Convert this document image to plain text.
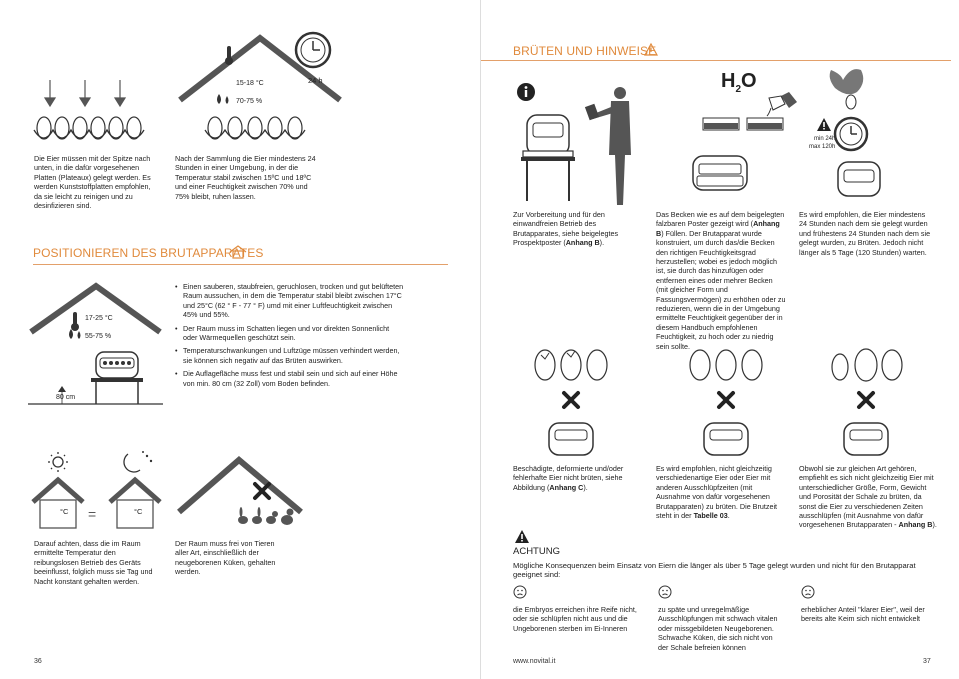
15-18 °C
70-75 %
24 h
Die Eier müssen mit der Spitze nach unten, in die dafür vorgesehenen Platten (Plateaux) gelegt werden. Es werden Kunststoffplatten empfohlen, da sie leicht zu reinigen und zu desinfizieren sind.
Nach der Sammlung die Eier mindestens 24 Stunden in einer Umgebung, in der die Temperatur stabil zwischen 15ºC und 18ºC und einer Feuchtigkeit zwischen 70% und 75% bleibt, ruhen lassen.
POSITIONIEREN DES BRUTAPPARATES
17-25 °C
55-75 %
80 cm
• Einen sauberen, staubfreien, geruchlosen, trocken und gut belüfteten Raum aussuchen, in dem die Temperatur stabil bleibt zwischen 17°C und 25°C (62 ° F - 77 ° F) umd mit einer Luftfeuchtigkeit zwischen 45% und 55%.
• Der Raum muss im Schatten liegen und vor direkten Sonnenlicht oder Wärmequellen geschützt sein.
• Temperaturschwankungen und Luftzüge müssen verhindert werden, sie können sich negativ auf das Brüten auswirken.
• Die Auflagefläche muss fest und stabil sein und sich auf einer Höhe von min. 80 cm (32 Zoll) vom Boden befinden.
°C =	°C
Darauf achten, dass die im Raum ermittelte Temperatur den reibungslosen Betrieb des Geräts beeinflusst, folglich muss sie Tag und Nacht konstant gehalten werden.
Der Raum muss frei von Tieren aller Art, einschließlich der neugeborenen Küken, gehalten werden.
36
BRÜTEN UND HINWEISE
Zur Vorbereitung und für den einwandfreien Betrieb des Brutapparates, siehe beigelegtes Prospektposter (Anhang B).
$H_2O$
Das Becken wie es auf dem beigelegten falzbaren Poster gezeigt wird (Anhang B) Füllen. Der Brutapparat wurde konstruiert, um durch das/die Becken den richtigen Feuchtigkeitsgrad herzustellen; wobei es jedoch möglich ist, sie durch das hinzufügen oder entfernen eines oder mehrer Becken (mit gleicher Form und Fassungsvermögen) zu erhöhen oder zu reduzieren, wenn die in der Umgebung ermittelte Feuchtigkeit gegenüber der in diesem Handbuch empfohlenen Feuchtigkeit, zu hoch oder zu niedrig sein sollte.
min 24h
max 120h
Es wird empfohlen, die Eier mindestens 24 Stunden nach dem sie gelegt wurden und frühestens 24 Stunden nach dem sie gelegt wurden, zu Brüten. Jedoch nicht länger als 5 Tage (120 Stunden) warten.
Beschädigte, deformierte und/oder fehlerhafte Eier nicht brüten, siehe Abbildung (Anhang C).
Es wird empfohlen, nicht gleichzeitig verschiedenartige Eier oder Eier mit anderen Ausschlüpfzeiten (mit Ausnahme von dafür vorgesehenen Brutapparaten) zu brüten. Die Brutzeit steht in der Tabelle 03.
Obwohl sie zur gleichen Art gehören, empfiehlt es sich nicht gleichzeitig Eier mit unterschiedlicher Größe, Form, Gewicht und Porosität der Schale zu brüten, da sonst die Eier zu verschiedenen Zeiten ausschlüpfen (mit Ausnahme von dafür vorgesehenen Brutapparaten - Anhang B).
ACHTUNG
Mögliche Konsequenzen beim Einsatz von Eiern die länger als über 5 Tage gelegt wurden und nicht für den Brutapparat geeignet sind:
die Embryos erreichen ihre Reife nicht, oder sie schlüpfen nicht aus und die Ungeborenen sterben im Ei-Inneren
zu späte und unregelmäßige Ausschlüpfungen mit schwach vitalen oder missgebildeten Neugeborenen. Schwache Küken, die sich nicht von der Schale befreien können
erheblicher Anteil "klarer Eier", weil der bereits alte Keim sich nicht entwickelt
www.novital.it	37
